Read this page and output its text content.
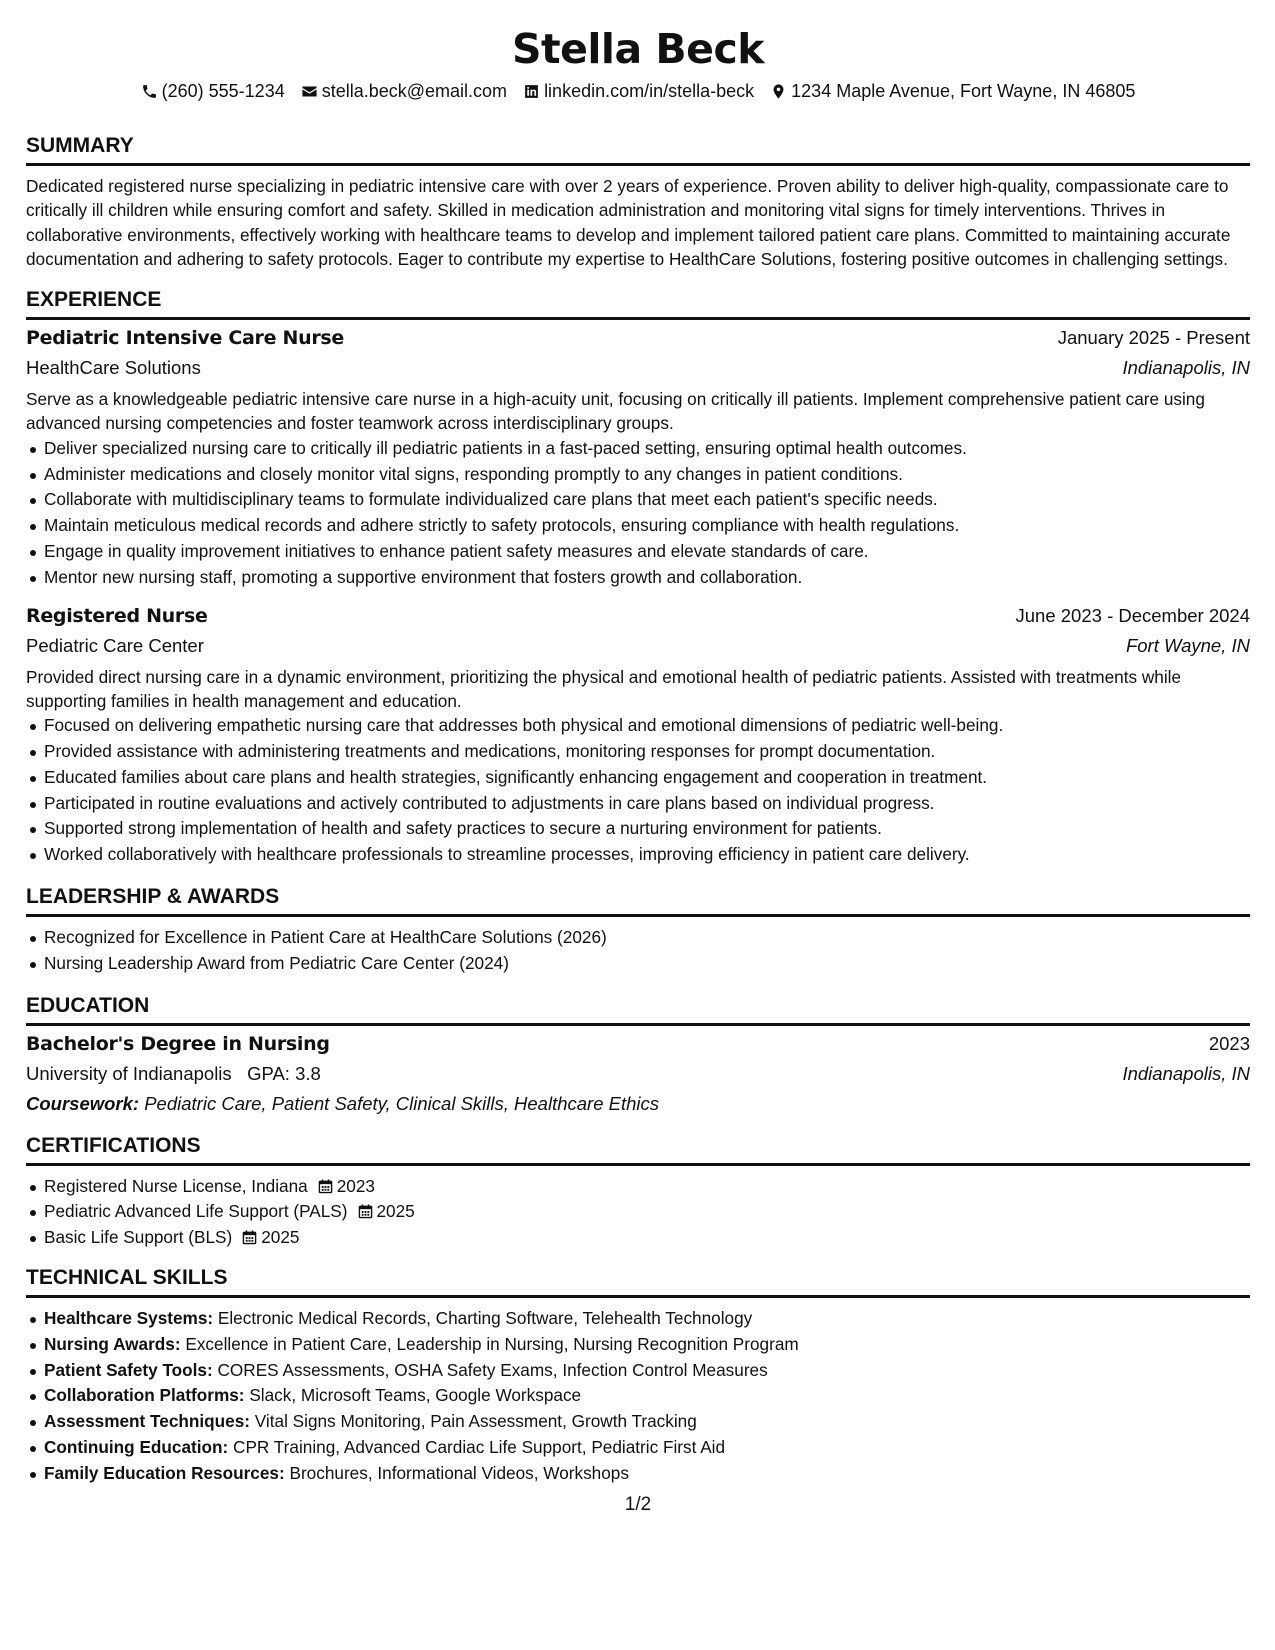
Stella Beck
(260) 555-1234 stella.beck@email.com linkedin.com/in/stella-beck 1234 Maple Avenue, Fort Wayne, IN 46805
SUMMARY
Dedicated registered nurse specializing in pediatric intensive care with over 2 years of experience. Proven ability to deliver high-quality, compassionate care to critically ill children while ensuring comfort and safety. Skilled in medication administration and monitoring vital signs for timely interventions. Thrives in collaborative environments, effectively working with healthcare teams to develop and implement tailored patient care plans. Committed to maintaining accurate documentation and adhering to safety protocols. Eager to contribute my expertise to HealthCare Solutions, fostering positive outcomes in challenging settings.
EXPERIENCE
Pediatric Intensive Care Nurse	January 2025 - Present
HealthCare Solutions	Indianapolis, IN
Serve as a knowledgeable pediatric intensive care nurse in a high-acuity unit, focusing on critically ill patients. Implement comprehensive patient care using advanced nursing competencies and foster teamwork across interdisciplinary groups.
Deliver specialized nursing care to critically ill pediatric patients in a fast-paced setting, ensuring optimal health outcomes.
Administer medications and closely monitor vital signs, responding promptly to any changes in patient conditions.
Collaborate with multidisciplinary teams to formulate individualized care plans that meet each patient's specific needs.
Maintain meticulous medical records and adhere strictly to safety protocols, ensuring compliance with health regulations.
Engage in quality improvement initiatives to enhance patient safety measures and elevate standards of care.
Mentor new nursing staff, promoting a supportive environment that fosters growth and collaboration.
Registered Nurse	June 2023 - December 2024
Pediatric Care Center	Fort Wayne, IN
Provided direct nursing care in a dynamic environment, prioritizing the physical and emotional health of pediatric patients. Assisted with treatments while supporting families in health management and education.
Focused on delivering empathetic nursing care that addresses both physical and emotional dimensions of pediatric well-being.
Provided assistance with administering treatments and medications, monitoring responses for prompt documentation.
Educated families about care plans and health strategies, significantly enhancing engagement and cooperation in treatment.
Participated in routine evaluations and actively contributed to adjustments in care plans based on individual progress.
Supported strong implementation of health and safety practices to secure a nurturing environment for patients.
Worked collaboratively with healthcare professionals to streamline processes, improving efficiency in patient care delivery.
LEADERSHIP & AWARDS
Recognized for Excellence in Patient Care at HealthCare Solutions (2026)
Nursing Leadership Award from Pediatric Care Center (2024)
EDUCATION
Bachelor's Degree in Nursing	2023
University of Indianapolis GPA: 3.8	Indianapolis, IN
Coursework: Pediatric Care, Patient Safety, Clinical Skills, Healthcare Ethics
CERTIFICATIONS
Registered Nurse License, Indiana 2023
Pediatric Advanced Life Support (PALS) 2025
Basic Life Support (BLS) 2025
TECHNICAL SKILLS
Healthcare Systems: Electronic Medical Records, Charting Software, Telehealth Technology
Nursing Awards: Excellence in Patient Care, Leadership in Nursing, Nursing Recognition Program
Patient Safety Tools: CORES Assessments, OSHA Safety Exams, Infection Control Measures
Collaboration Platforms: Slack, Microsoft Teams, Google Workspace
Assessment Techniques: Vital Signs Monitoring, Pain Assessment, Growth Tracking
Continuing Education: CPR Training, Advanced Cardiac Life Support, Pediatric First Aid
Family Education Resources: Brochures, Informational Videos, Workshops
1/2
